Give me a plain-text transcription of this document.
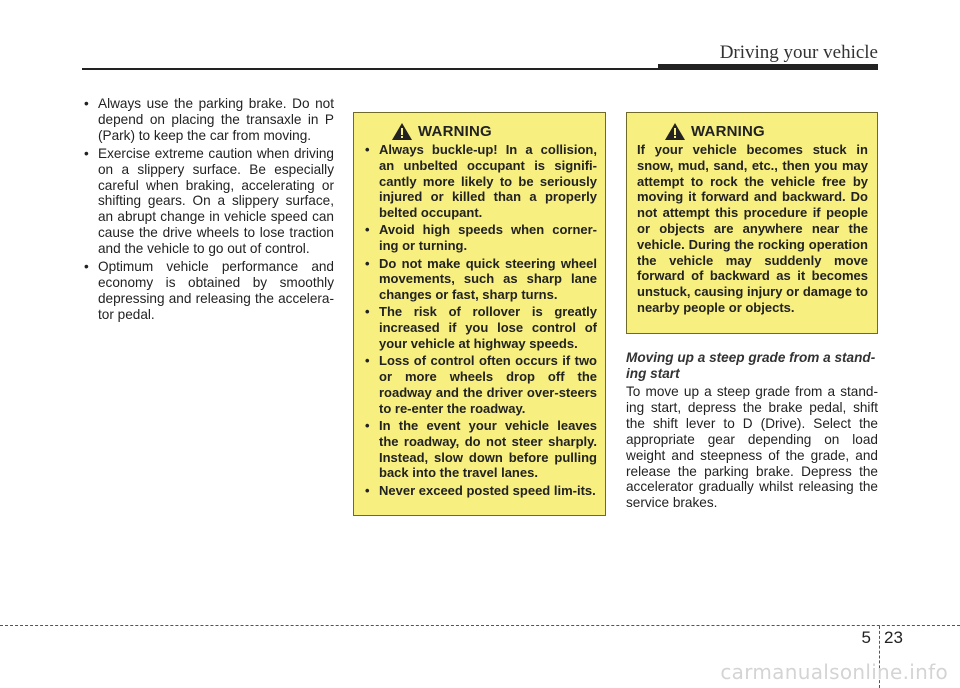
Driving your vehicle
• Always use the parking brake. Do not depend on placing the transaxle in P (Park) to keep the car from moving.
• Exercise extreme caution when driving on a slippery surface. Be especially careful when braking, accelerating or shifting gears. On a slippery surface, an abrupt change in vehicle speed can cause the drive wheels to lose traction and the vehicle to go out of control.
• Optimum vehicle performance and economy is obtained by smoothly depressing and releasing the accelera-tor pedal.
WARNING
• Always buckle-up! In a collision, an unbelted occupant is signifi-cantly more likely to be seriously injured or killed than a properly belted occupant.
• Avoid high speeds when corner-ing or turning.
• Do not make quick steering wheel movements, such as sharp lane changes or fast, sharp turns.
• The risk of rollover is greatly increased if you lose control of your vehicle at highway speeds.
• Loss of control often occurs if two or more wheels drop off the roadway and the driver over-steers to re-enter the roadway.
• In the event your vehicle leaves the roadway, do not steer sharply. Instead, slow down before pulling back into the travel lanes.
• Never exceed posted speed lim-its.
WARNING

If your vehicle becomes stuck in snow, mud, sand, etc., then you may attempt to rock the vehicle free by moving it forward and backward. Do not attempt this procedure if people or objects are anywhere near the vehicle. During the rocking operation the vehicle may suddenly move forward of backward as it becomes unstuck, causing injury or damage to nearby people or objects.

Moving up a steep grade from a stand-ing start

To move up a steep grade from a stand-ing start, depress the brake pedal, shift the shift lever to D (Drive). Select the appropriate gear depending on load weight and steepness of the grade, and release the parking brake. Depress the accelerator gradually whilst releasing the service brakes.

5 23
carmanualsonline.info
